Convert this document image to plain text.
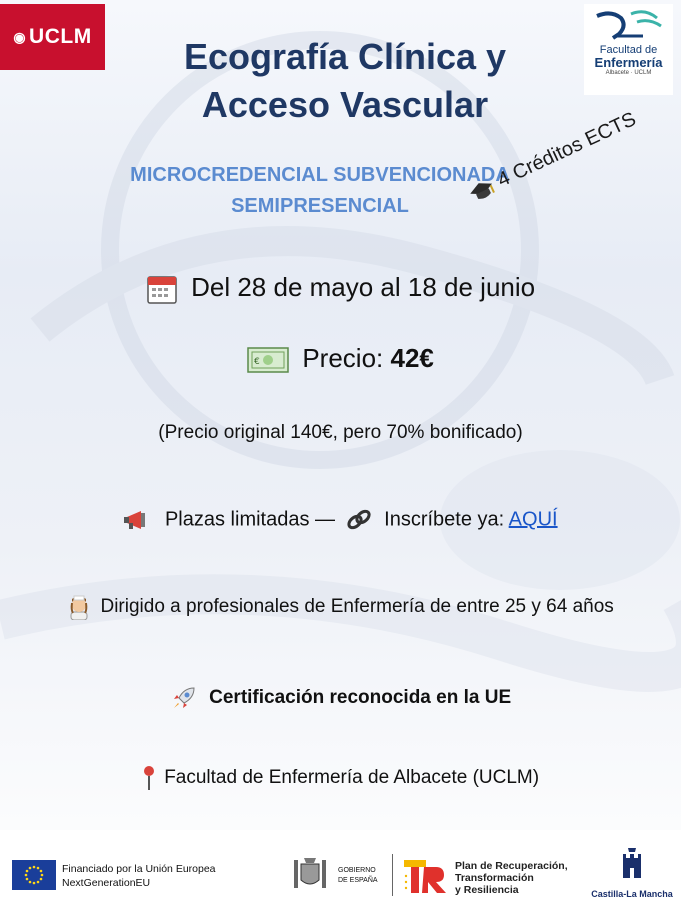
◉ UCLM
Facultad de
Enfermería
Albacete · UCLM
Ecografía Clínica y
Acceso Vascular
MICROCREDENCIAL SUBVENCIONADA
SEMIPRESENCIAL
4 Créditos ECTS
Del 28 de mayo al 18 de junio
€ Precio: 42€
(Precio original 140€, pero 70% bonificado)
Plazas limitadas — Inscríbete ya: AQUÍ
Dirigido a profesionales de Enfermería de entre 25 y 64 años
Certificación reconocida en la UE
Facultad de Enfermería de Albacete (UCLM)
Financiado por la Unión Europea
NextGenerationEU
GOBIERNO
DE ESPAÑA
Plan de Recuperación,
Transformación
y Resiliencia	Castilla-La Mancha
